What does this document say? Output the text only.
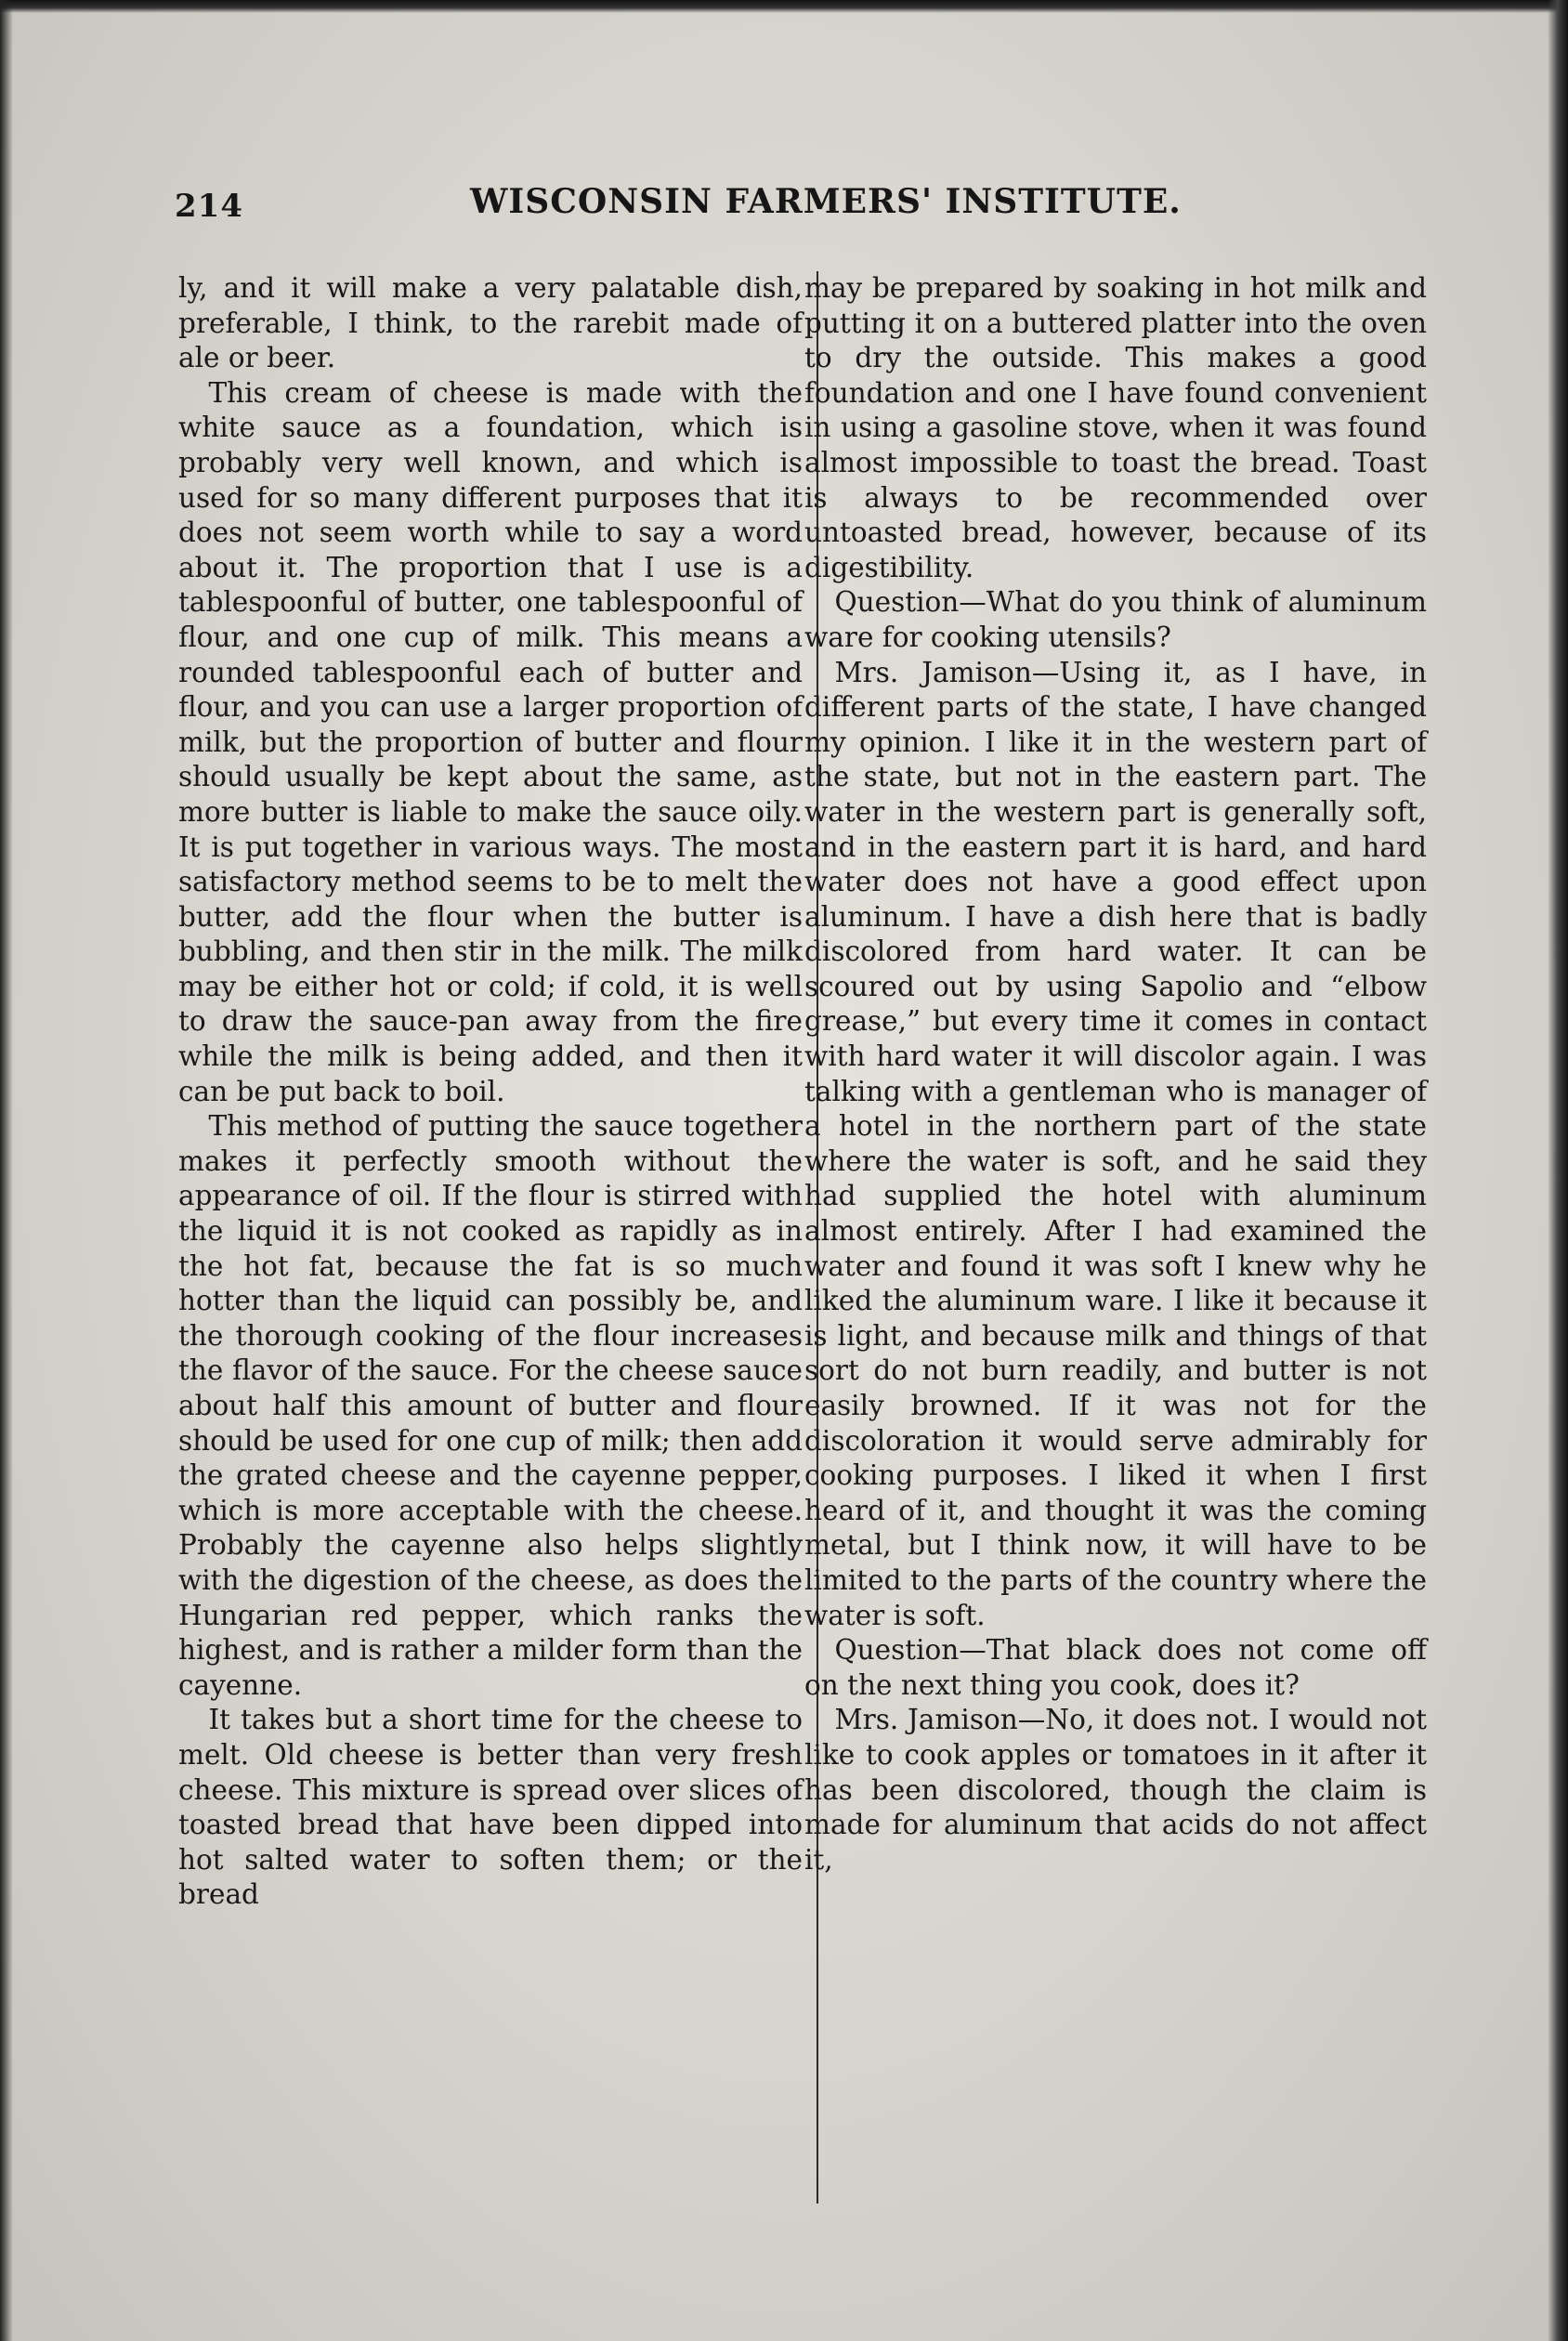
214	WISCONSIN FARMERS' INSTITUTE.

ly, and it will make a very palatable dish, preferable, I think, to the rarebit made of ale or beer.

This cream of cheese is made with the white sauce as a foundation, which is probably very well known, and which is used for so many different purposes that it does not seem worth while to say a word about it. The proportion that I use is a tablespoonful of butter, one tablespoonful of flour, and one cup of milk. This means a rounded tablespoonful each of butter and flour, and you can use a larger proportion of milk, but the proportion of butter and flour should usually be kept about the same, as more butter is liable to make the sauce oily. It is put together in various ways. The most satisfactory method seems to be to melt the butter, add the flour when the butter is bubbling, and then stir in the milk. The milk may be either hot or cold; if cold, it is well to draw the sauce-pan away from the fire while the milk is being added, and then it can be put back to boil.

This method of putting the sauce together makes it perfectly smooth without the appearance of oil. If the flour is stirred with the liquid it is not cooked as rapidly as in the hot fat, because the fat is so much hotter than the liquid can possibly be, and the thorough cooking of the flour increases the flavor of the sauce. For the cheese sauce about half this amount of butter and flour should be used for one cup of milk; then add the grated cheese and the cayenne pepper, which is more acceptable with the cheese. Probably the cayenne also helps slightly with the digestion of the cheese, as does the Hungarian red pepper, which ranks the highest, and is rather a milder form than the cayenne.

It takes but a short time for the cheese to melt. Old cheese is better than very fresh cheese. This mixture is spread over slices of toasted bread that have been dipped into hot salted water to soften them; or the bread

may be prepared by soaking in hot milk and putting it on a buttered platter into the oven to dry the outside. This makes a good foundation and one I have found convenient in using a gasoline stove, when it was found almost impossible to toast the bread. Toast is always to be recommended over untoasted bread, however, because of its digestibility.

Question—What do you think of aluminum ware for cooking utensils?

Mrs. Jamison—Using it, as I have, in different parts of the state, I have changed my opinion. I like it in the western part of the state, but not in the eastern part. The water in the western part is generally soft, and in the eastern part it is hard, and hard water does not have a good effect upon aluminum. I have a dish here that is badly discolored from hard water. It can be scoured out by using Sapolio and “elbow grease,” but every time it comes in contact with hard water it will discolor again. I was talking with a gentleman who is manager of a hotel in the northern part of the state where the water is soft, and he said they had supplied the hotel with aluminum almost entirely. After I had examined the water and found it was soft I knew why he liked the aluminum ware. I like it because it is light, and because milk and things of that sort do not burn readily, and butter is not easily browned. If it was not for the discoloration it would serve admirably for cooking purposes. I liked it when I first heard of it, and thought it was the coming metal, but I think now, it will have to be limited to the parts of the country where the water is soft.

Question—That black does not come off on the next thing you cook, does it?

Mrs. Jamison—No, it does not. I would not like to cook apples or tomatoes in it after it has been discolored, though the claim is made for aluminum that acids do not affect it,
